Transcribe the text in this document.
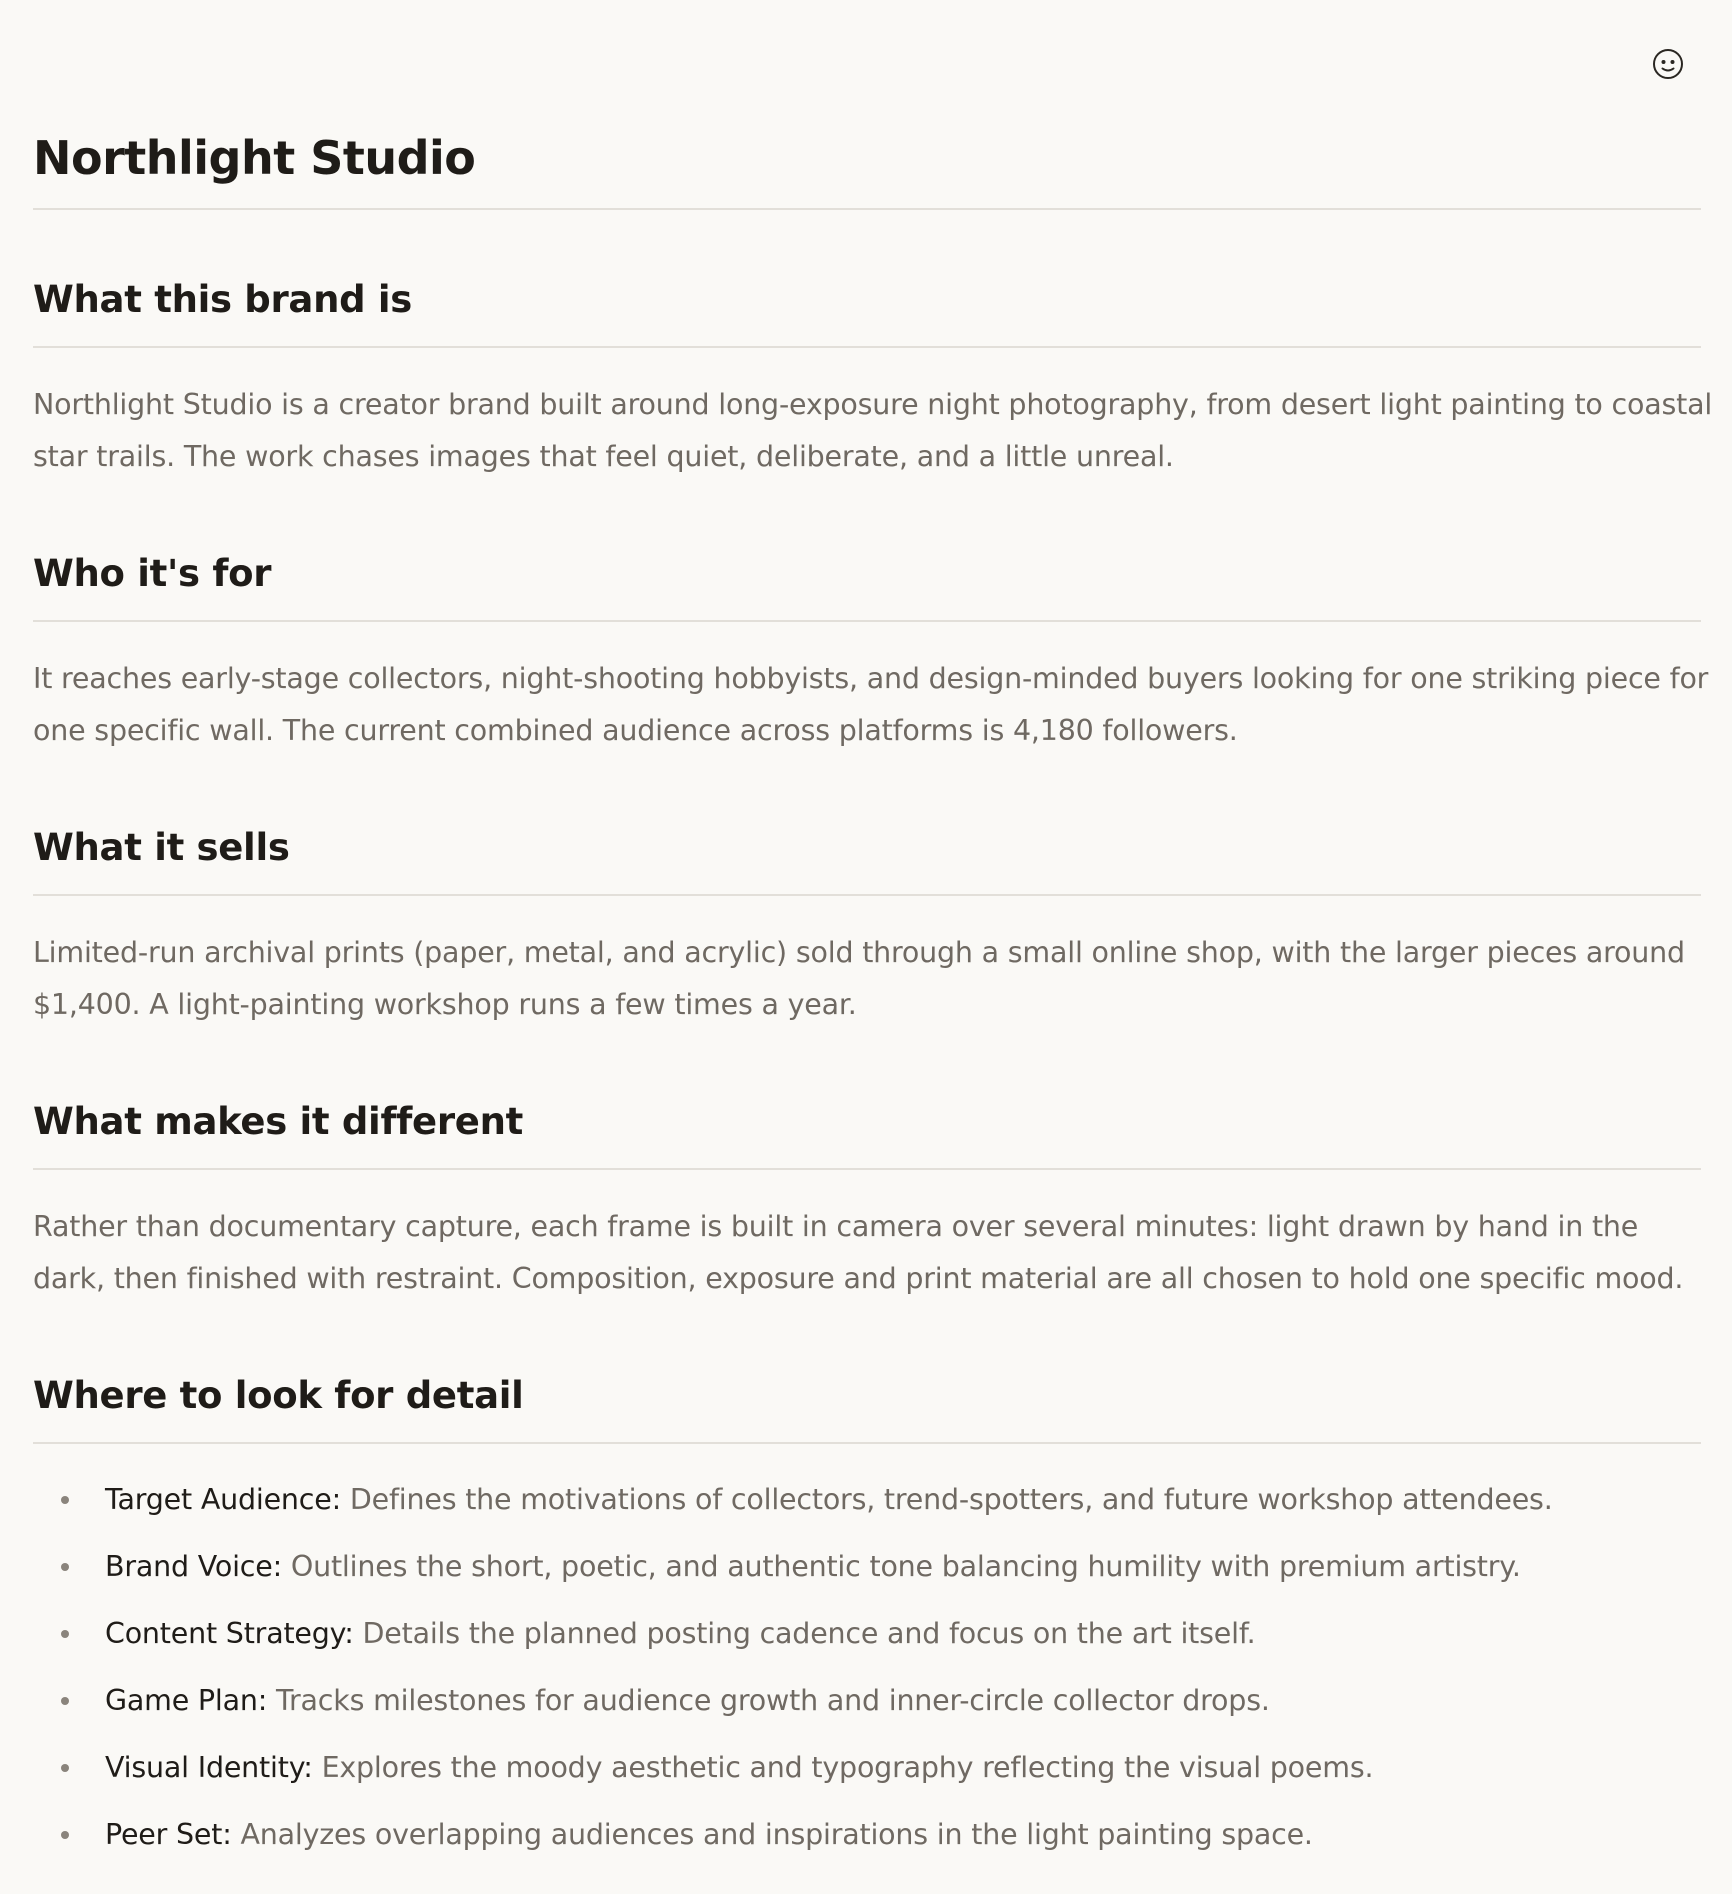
Northlight Studio
What this brand is

Northlight Studio is a creator brand built around long-exposure night photography, from desert light painting to coastal star trails. The work chases images that feel quiet, deliberate, and a little unreal.

Who it's for

It reaches early-stage collectors, night-shooting hobbyists, and design-minded buyers looking for one striking piece for one specific wall. The current combined audience across platforms is 4,180 followers.

What it sells

Limited-run archival prints (paper, metal, and acrylic) sold through a small online shop, with the larger pieces around $1,400. A light-painting workshop runs a few times a year.

What makes it different

Rather than documentary capture, each frame is built in camera over several minutes: light drawn by hand in the dark, then finished with restraint. Composition, exposure and print material are all chosen to hold one specific mood.

Where to look for detail
Target Audience: Defines the motivations of collectors, trend-spotters, and future workshop attendees.
Brand Voice: Outlines the short, poetic, and authentic tone balancing humility with premium artistry.
Content Strategy: Details the planned posting cadence and focus on the art itself.
Game Plan: Tracks milestones for audience growth and inner-circle collector drops.
Visual Identity: Explores the moody aesthetic and typography reflecting the visual poems.
Peer Set: Analyzes overlapping audiences and inspirations in the light painting space.
